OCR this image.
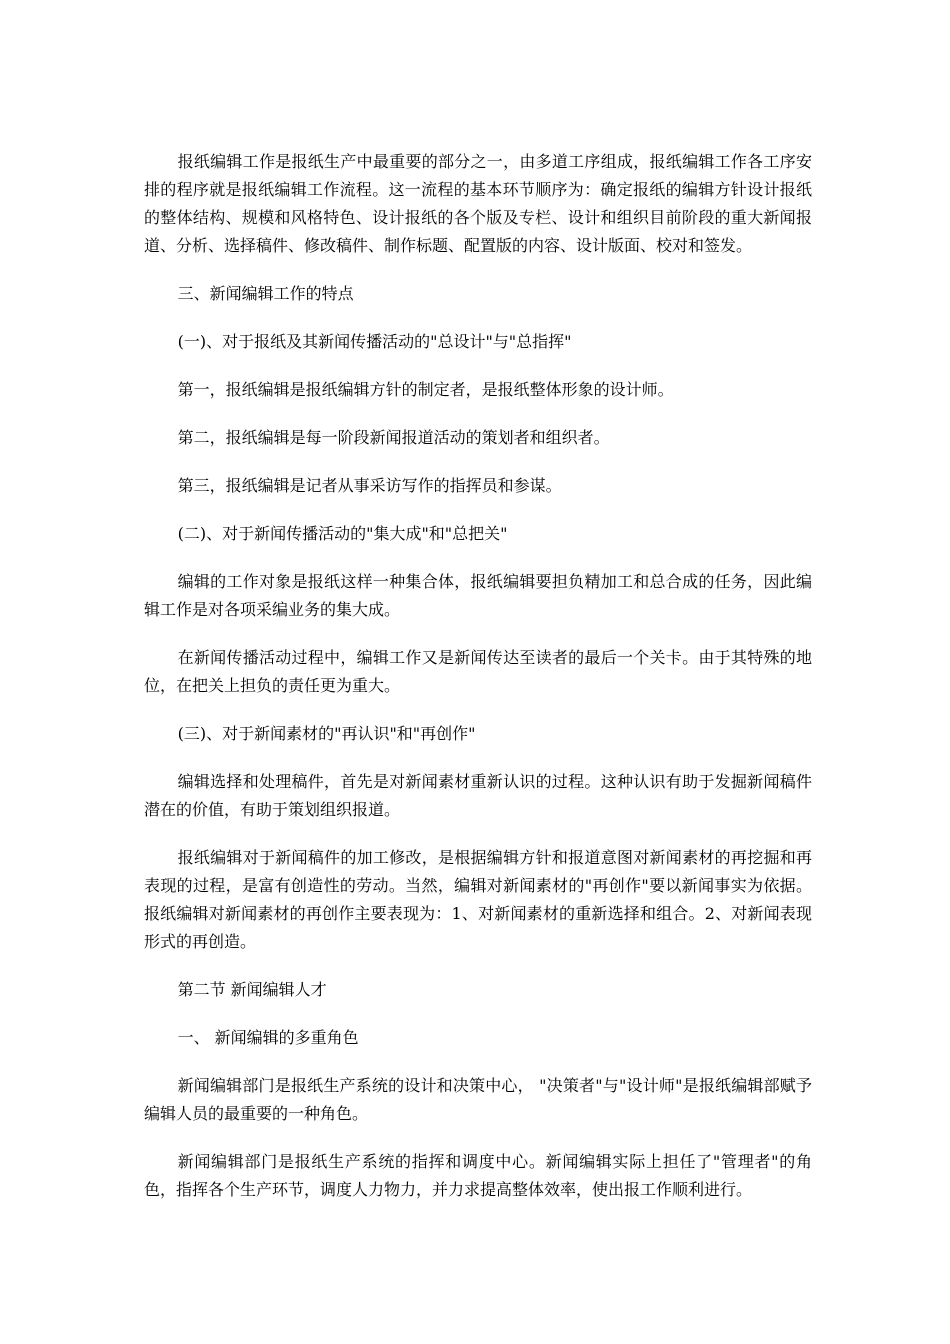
报纸编辑工作是报纸生产中最重要的部分之一，由多道工序组成，报纸编辑工作各工序安排的程序就是报纸编辑工作流程。这一流程的基本环节顺序为：确定报纸的编辑方针设计报纸的整体结构、规模和风格特色、设计报纸的各个版及专栏、设计和组织目前阶段的重大新闻报道、分析、选择稿件、修改稿件、制作标题、配置版的内容、设计版面、校对和签发。

三、新闻编辑工作的特点

(一)、对于报纸及其新闻传播活动的"总设计"与"总指挥"

第一，报纸编辑是报纸编辑方针的制定者，是报纸整体形象的设计师。

第二，报纸编辑是每一阶段新闻报道活动的策划者和组织者。

第三，报纸编辑是记者从事采访写作的指挥员和参谋。

(二)、对于新闻传播活动的"集大成"和"总把关"

编辑的工作对象是报纸这样一种集合体，报纸编辑要担负精加工和总合成的任务，因此编辑工作是对各项采编业务的集大成。

在新闻传播活动过程中，编辑工作又是新闻传达至读者的最后一个关卡。由于其特殊的地位，在把关上担负的责任更为重大。

(三)、对于新闻素材的"再认识"和"再创作"

编辑选择和处理稿件，首先是对新闻素材重新认识的过程。这种认识有助于发掘新闻稿件潜在的价值，有助于策划组织报道。

报纸编辑对于新闻稿件的加工修改，是根据编辑方针和报道意图对新闻素材的再挖掘和再表现的过程，是富有创造性的劳动。当然，编辑对新闻素材的"再创作"要以新闻事实为依据。报纸编辑对新闻素材的再创作主要表现为：1、对新闻素材的重新选择和组合。2、对新闻表现形式的再创造。

第二节 新闻编辑人才

一、 新闻编辑的多重角色

新闻编辑部门是报纸生产系统的设计和决策中心， "决策者"与"设计师"是报纸编辑部赋予编辑人员的最重要的一种角色。

新闻编辑部门是报纸生产系统的指挥和调度中心。新闻编辑实际上担任了"管理者"的角色，指挥各个生产环节，调度人力物力，并力求提高整体效率，使出报工作顺利进行。
